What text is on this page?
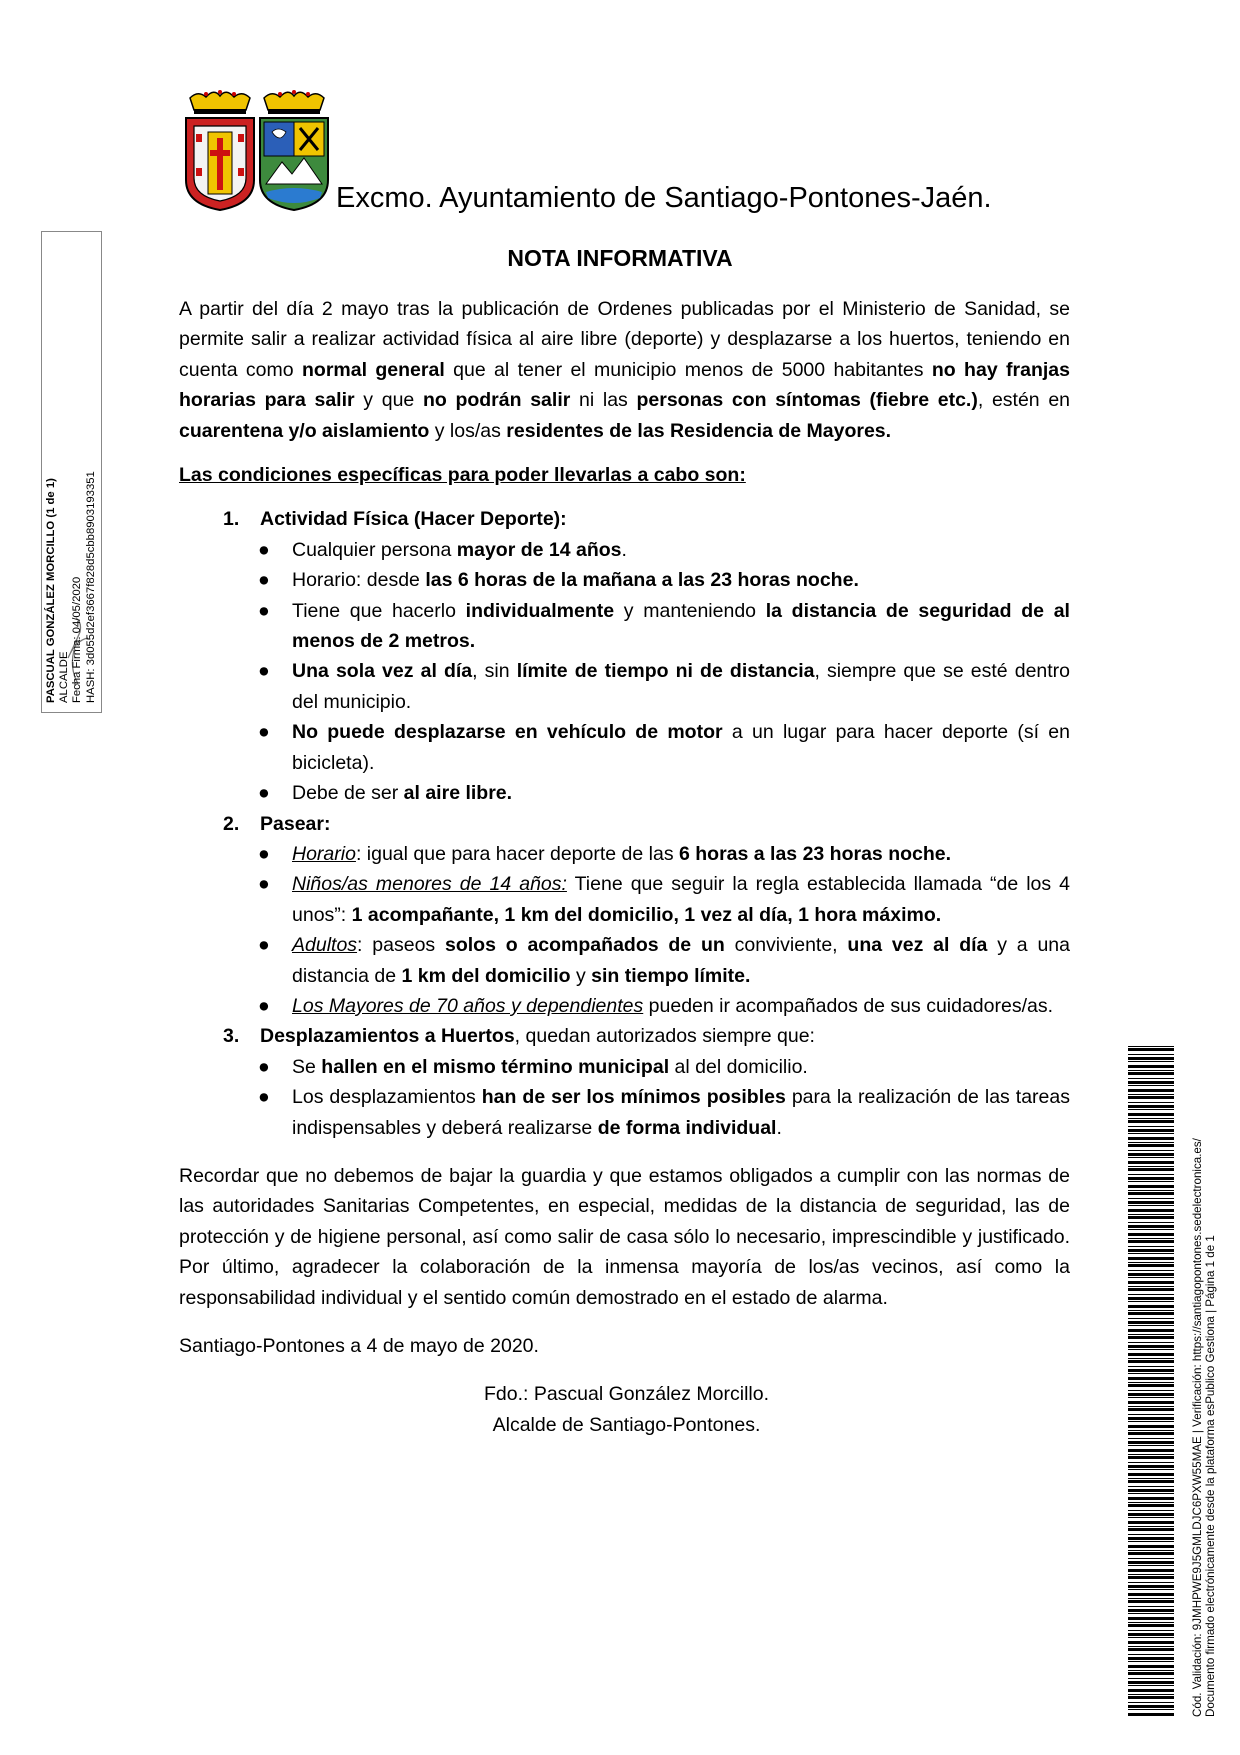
Excmo. Ayuntamiento de Santiago-Pontones-Jaén.
NOTA INFORMATIVA

A partir del día 2 mayo tras la publicación de Ordenes publicadas por el Ministerio de Sanidad, se permite salir a realizar actividad física al aire libre (deporte) y desplazarse a los huertos, teniendo en cuenta como normal general que al tener el municipio menos de 5000 habitantes no hay franjas horarias para salir y que no podrán salir ni las personas con síntomas (fiebre etc.), estén en cuarentena y/o aislamiento y los/as residentes de las Residencia de Mayores.

Las condiciones específicas para poder llevarlas a cabo son:

1. Actividad Física (Hacer Deporte):
● Cualquier persona mayor de 14 años.
● Horario: desde las 6 horas de la mañana a las 23 horas noche.
● Tiene que hacerlo individualmente y manteniendo la distancia de seguridad de al menos de 2 metros.
● Una sola vez al día, sin límite de tiempo ni de distancia, siempre que se esté dentro del municipio.
● No puede desplazarse en vehículo de motor a un lugar para hacer deporte (sí en bicicleta).
● Debe de ser al aire libre.
2. Pasear:
● Horario: igual que para hacer deporte de las 6 horas a las 23 horas noche.
● Niños/as menores de 14 años: Tiene que seguir la regla establecida llamada “de los 4 unos”: 1 acompañante, 1 km del domicilio, 1 vez al día, 1 hora máximo.
● Adultos: paseos solos o acompañados de un conviviente, una vez al día y a una distancia de 1 km del domicilio y sin tiempo límite.
● Los Mayores de 70 años y dependientes pueden ir acompañados de sus cuidadores/as.
3. Desplazamientos a Huertos, quedan autorizados siempre que:
● Se hallen en el mismo término municipal al del domicilio.
● Los desplazamientos han de ser los mínimos posibles para la realización de las tareas indispensables y deberá realizarse de forma individual.

Recordar que no debemos de bajar la guardia y que estamos obligados a cumplir con las normas de las autoridades Sanitarias Competentes, en especial, medidas de la distancia de seguridad, las de protección y de higiene personal, así como salir de casa sólo lo necesario, imprescindible y justificado. Por último, agradecer la colaboración de la inmensa mayoría de los/as vecinos, así como la responsabilidad individual y el sentido común demostrado en el estado de alarma.

Santiago-Pontones a 4 de mayo de 2020.

Fdo.: Pascual González Morcillo.

Alcalde de Santiago-Pontones.

PASCUAL GONZÁLEZ MORCILLO (1 de 1) ALCALDE Fecha Firma: 04/05/2020 HASH: 3d055d2ef3667f828d5cbb8903193351
Cód. Validación: 9JMHPWE9J5GMLDJC6PXW55MAE | Verificación: https://santiagopontones.sedelectronica.es/ Documento firmado electrónicamente desde la plataforma esPublico Gestiona | Página 1 de 1
